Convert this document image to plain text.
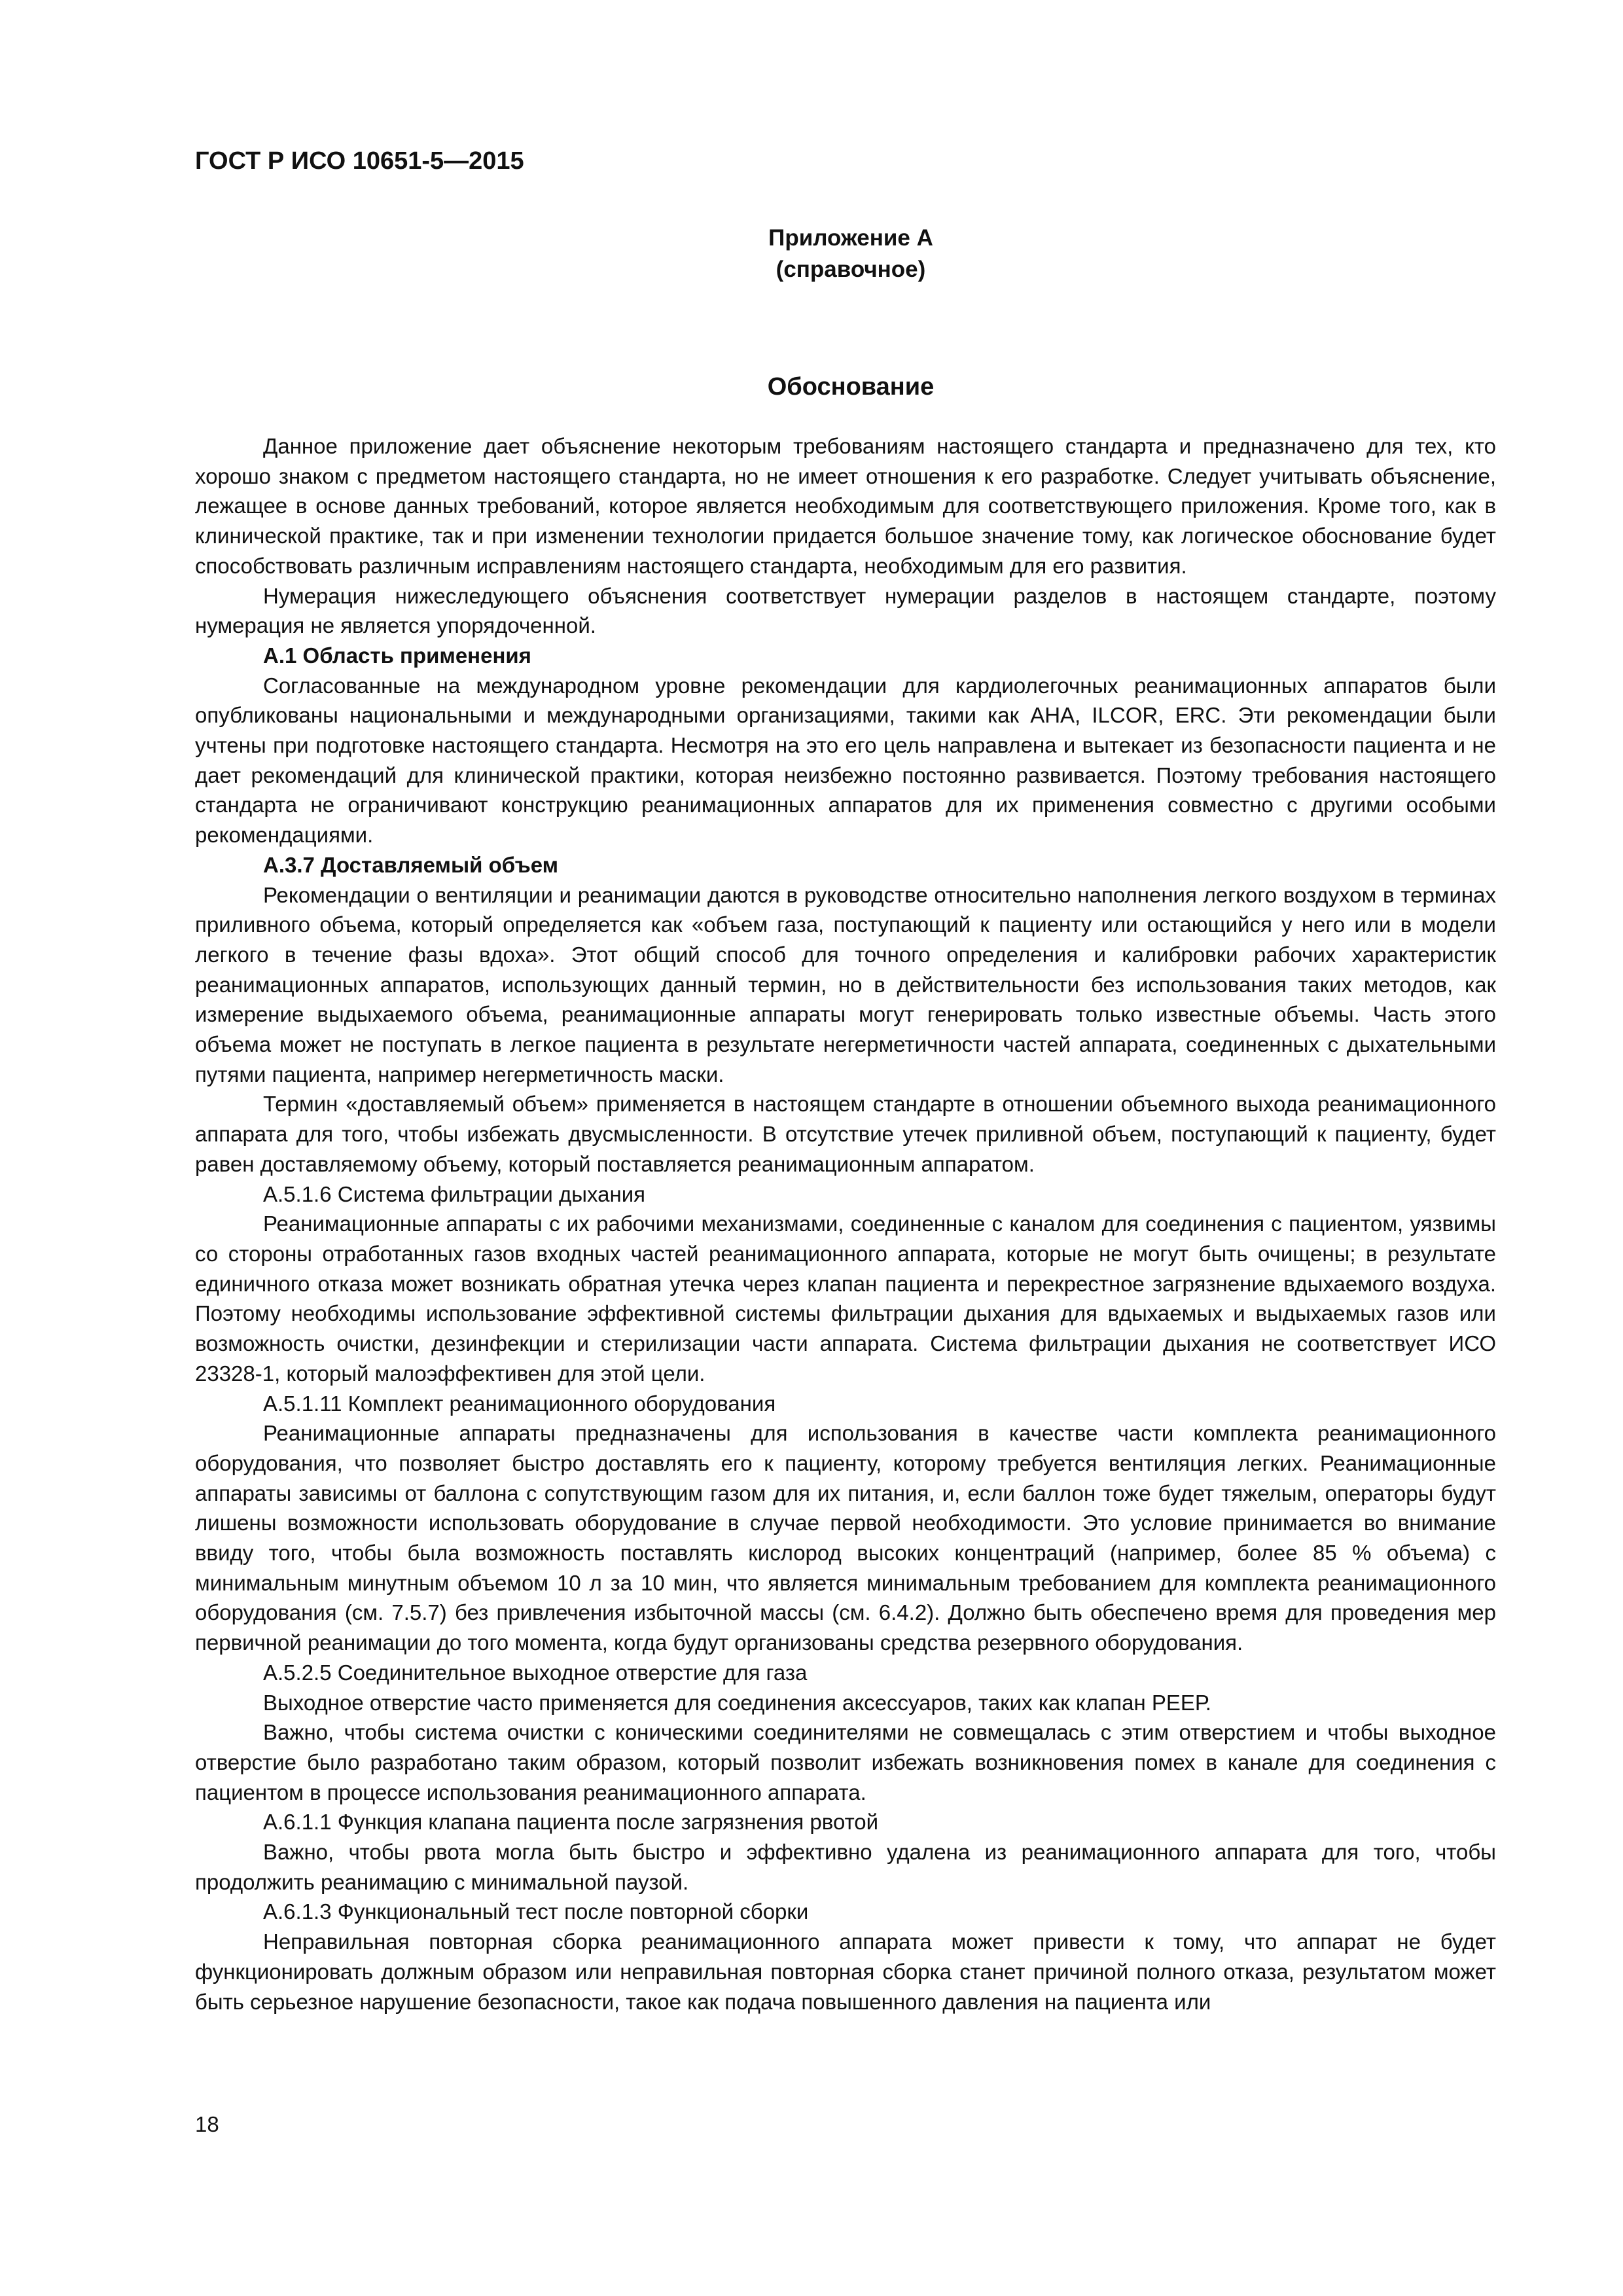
ГОСТ Р ИСО 10651-5—2015
Приложение А
(справочное)
Обоснование

Данное приложение дает объяснение некоторым требованиям настоящего стандарта и предназначено для тех, кто хорошо знаком с предметом настоящего стандарта, но не имеет отношения к его разработке. Следует учитывать объяснение, лежащее в основе данных требований, которое является необходимым для соответствующего приложения. Кроме того, как в клинической практике, так и при изменении технологии придается большое значение тому, как логическое обоснование будет способствовать различным исправлениям настоящего стандарта, необходимым для его развития.

Нумерация нижеследующего объяснения соответствует нумерации разделов в настоящем стандарте, поэтому нумерация не является упорядоченной.

А.1 Область применения

Согласованные на международном уровне рекомендации для кардиолегочных реанимационных аппаратов были опубликованы национальными и международными организациями, такими как АНА, ILCOR, ERC. Эти рекомендации были учтены при подготовке настоящего стандарта. Несмотря на это его цель направлена и вытекает из безопасности пациента и не дает рекомендаций для клинической практики, которая неизбежно постоянно развивается. Поэтому требования настоящего стандарта не ограничивают конструкцию реанимационных аппаратов для их применения совместно с другими особыми рекомендациями.

А.3.7 Доставляемый объем

Рекомендации о вентиляции и реанимации даются в руководстве относительно наполнения легкого воздухом в терминах приливного объема, который определяется как «объем газа, поступающий к пациенту или остающийся у него или в модели легкого в течение фазы вдоха». Этот общий способ для точного определения и калибровки рабочих характеристик реанимационных аппаратов, использующих данный термин, но в действительности без использования таких методов, как измерение выдыхаемого объема, реанимационные аппараты могут генерировать только известные объемы. Часть этого объема может не поступать в легкое пациента в результате негерметичности частей аппарата, соединенных с дыхательными путями пациента, например негерметичность маски.

Термин «доставляемый объем» применяется в настоящем стандарте в отношении объемного выхода реанимационного аппарата для того, чтобы избежать двусмысленности. В отсутствие утечек приливной объем, поступающий к пациенту, будет равен доставляемому объему, который поставляется реанимационным аппаратом.

А.5.1.6 Система фильтрации дыхания

Реанимационные аппараты с их рабочими механизмами, соединенные с каналом для соединения с пациентом, уязвимы со стороны отработанных газов входных частей реанимационного аппарата, которые не могут быть очищены; в результате единичного отказа может возникать обратная утечка через клапан пациента и перекрестное загрязнение вдыхаемого воздуха. Поэтому необходимы использование эффективной системы фильтрации дыхания для вдыхаемых и выдыхаемых газов или возможность очистки, дезинфекции и стерилизации части аппарата. Система фильтрации дыхания не соответствует ИСО 23328-1, который малоэффективен для этой цели.

А.5.1.11 Комплект реанимационного оборудования

Реанимационные аппараты предназначены для использования в качестве части комплекта реанимационного оборудования, что позволяет быстро доставлять его к пациенту, которому требуется вентиляция легких. Реанимационные аппараты зависимы от баллона с сопутствующим газом для их питания, и, если баллон тоже будет тяжелым, операторы будут лишены возможности использовать оборудование в случае первой необходимости. Это условие принимается во внимание ввиду того, чтобы была возможность поставлять кислород высоких концентраций (например, более 85 % объема) с минимальным минутным объемом 10 л за 10 мин, что является минимальным требованием для комплекта реанимационного оборудования (см. 7.5.7) без привлечения избыточной массы (см. 6.4.2). Должно быть обеспечено время для проведения мер первичной реанимации до того момента, когда будут организованы средства резервного оборудования.

А.5.2.5 Соединительное выходное отверстие для газа

Выходное отверстие часто применяется для соединения аксессуаров, таких как клапан РЕЕР.

Важно, чтобы система очистки с коническими соединителями не совмещалась с этим отверстием и чтобы выходное отверстие было разработано таким образом, который позволит избежать возникновения помех в канале для соединения с пациентом в процессе использования реанимационного аппарата.

А.6.1.1 Функция клапана пациента после загрязнения рвотой

Важно, чтобы рвота могла быть быстро и эффективно удалена из реанимационного аппарата для того, чтобы продолжить реанимацию с минимальной паузой.

А.6.1.3 Функциональный тест после повторной сборки

Неправильная повторная сборка реанимационного аппарата может привести к тому, что аппарат не будет функционировать должным образом или неправильная повторная сборка станет причиной полного отказа, результатом может быть серьезное нарушение безопасности, такое как подача повышенного давления на пациента или

18
